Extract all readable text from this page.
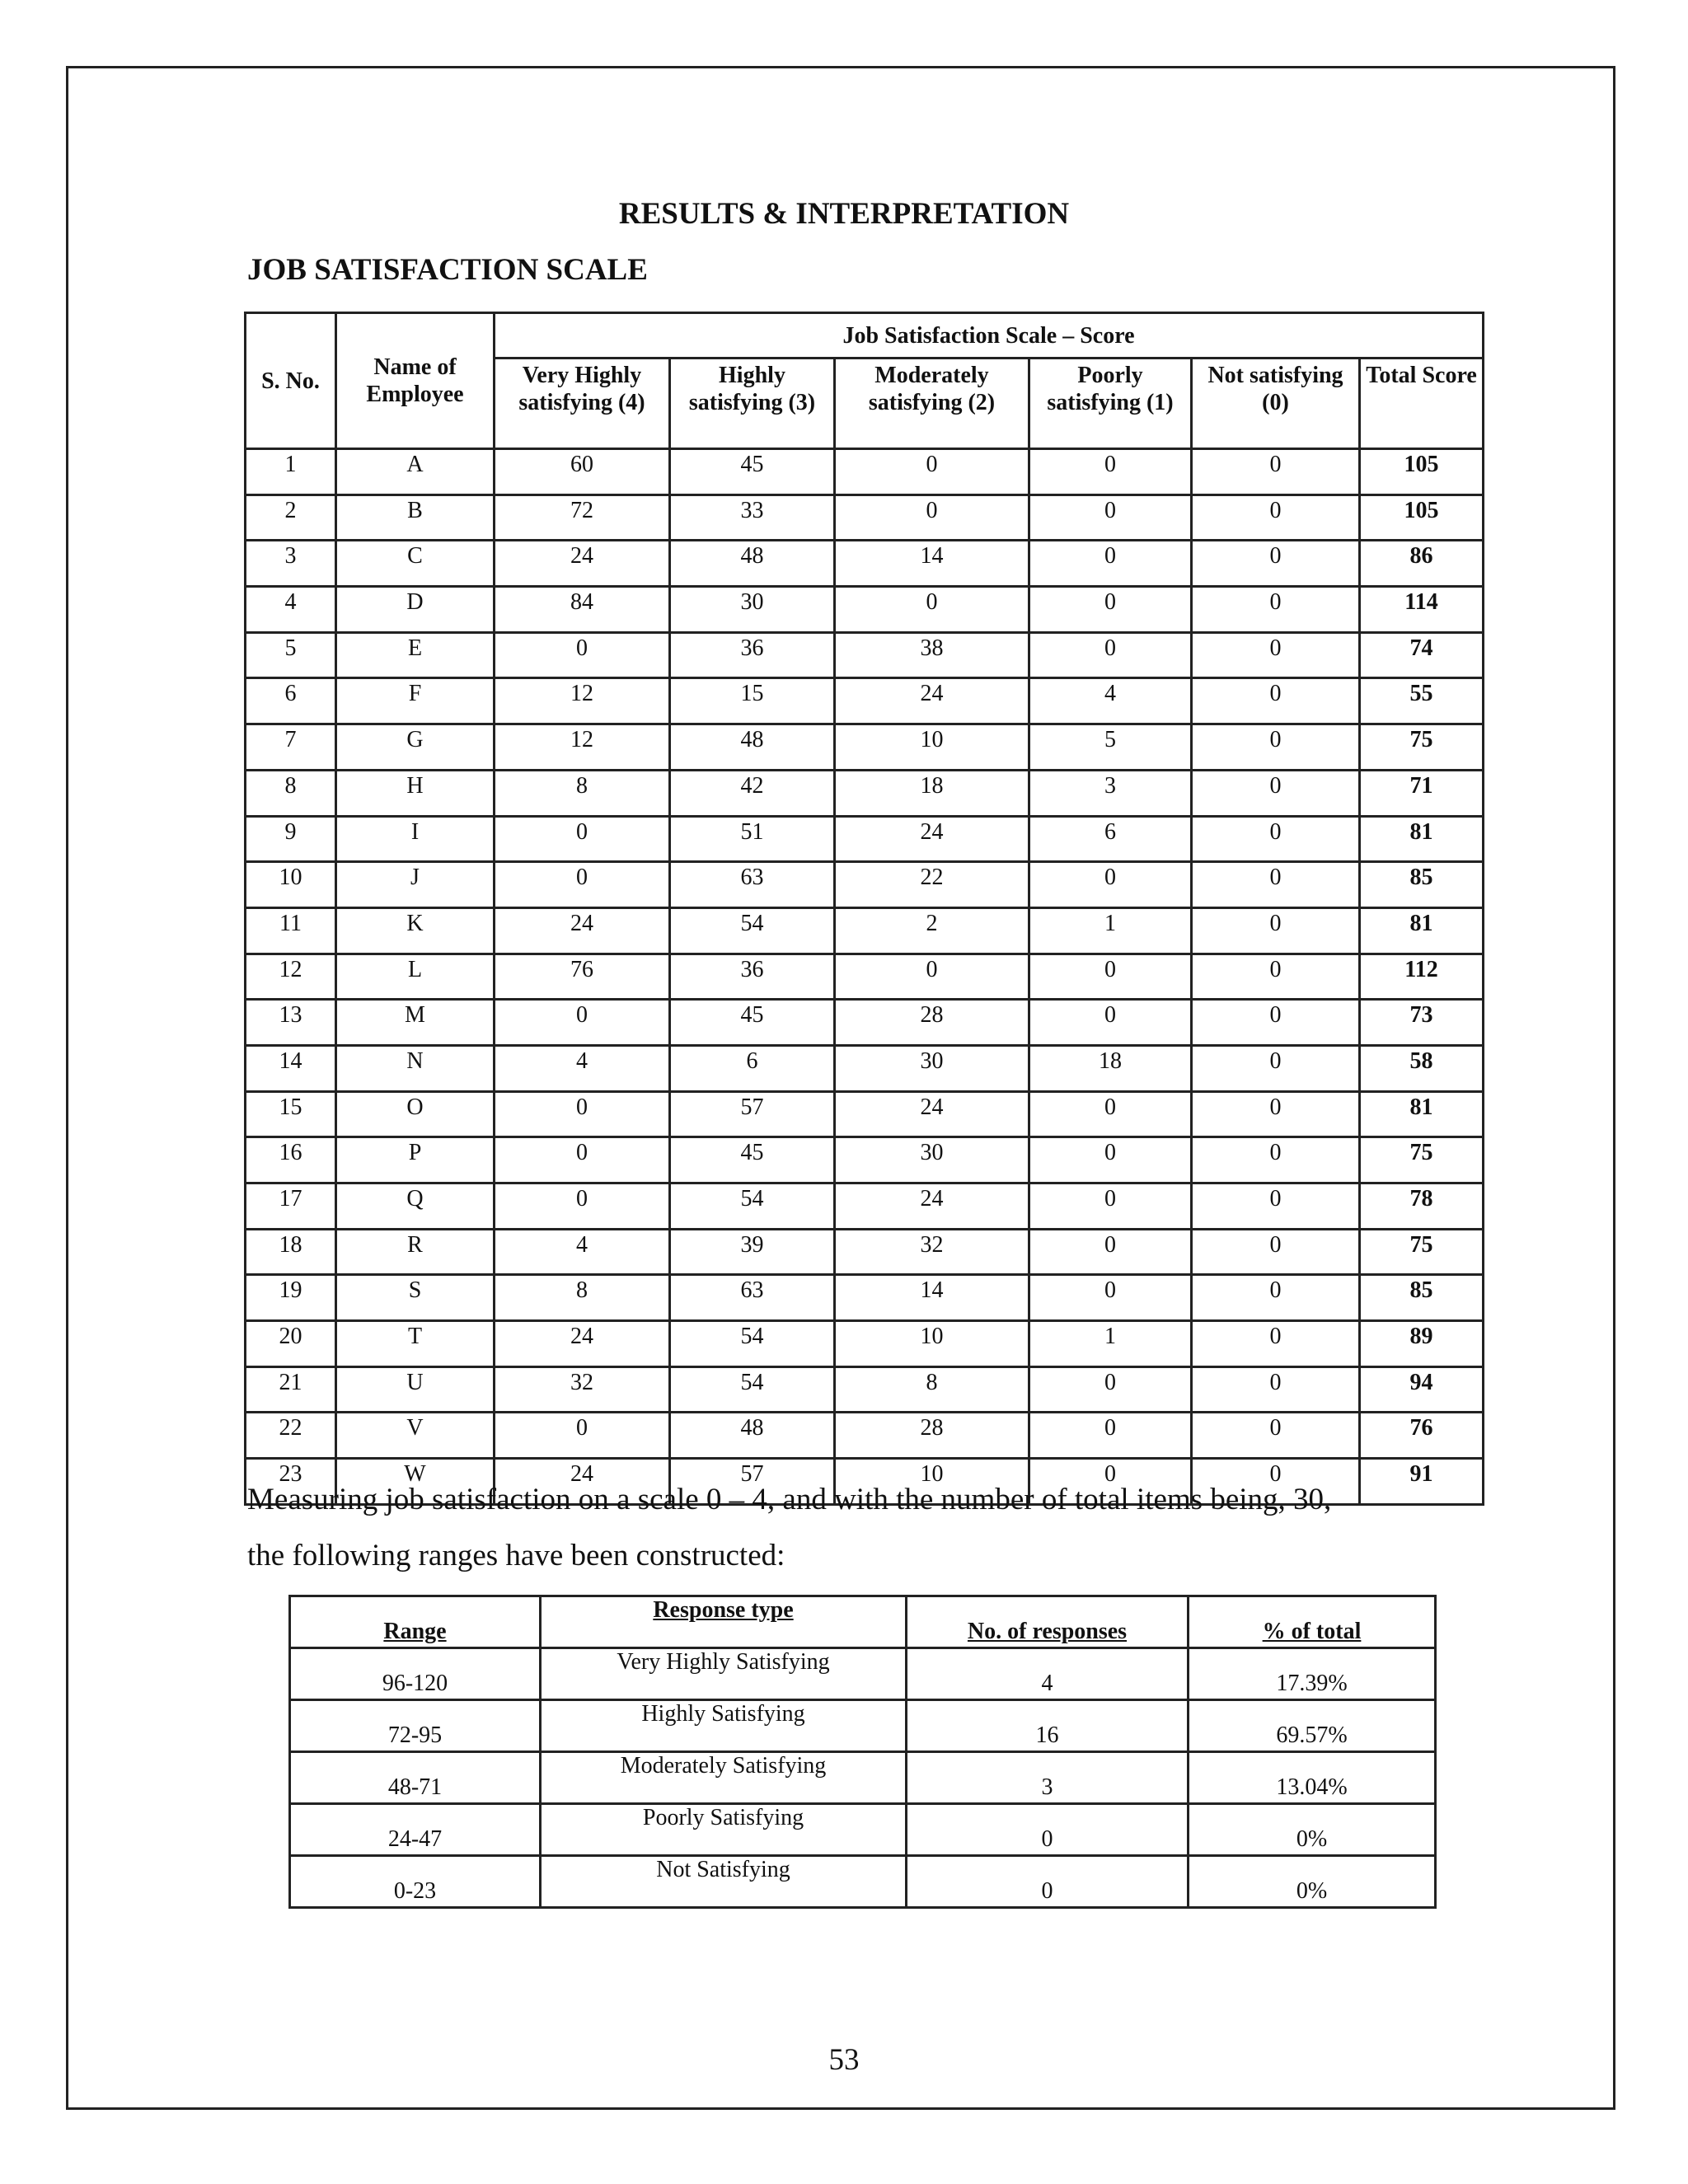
RESULTS & INTERPRETATION
JOB SATISFACTION SCALE
S. No.	Name of Employee	Job Satisfaction Scale – Score					
		Very Highly satisfying (4)	Highly satisfying (3)	Moderately satisfying (2)	Poorly satisfying (1)	Not satisfying (0)	Total Score
1	A	60	45	0	0	0	105
2	B	72	33	0	0	0	105
3	C	24	48	14	0	0	86
4	D	84	30	0	0	0	114
5	E	0	36	38	0	0	74
6	F	12	15	24	4	0	55
7	G	12	48	10	5	0	75
8	H	8	42	18	3	0	71
9	I	0	51	24	6	0	81
10	J	0	63	22	0	0	85
11	K	24	54	2	1	0	81
12	L	76	36	0	0	0	112
13	M	0	45	28	0	0	73
14	N	4	6	30	18	0	58
15	O	0	57	24	0	0	81
16	P	0	45	30	0	0	75
17	Q	0	54	24	0	0	78
18	R	4	39	32	0	0	75
19	S	8	63	14	0	0	85
20	T	24	54	10	1	0	89
21	U	32	54	8	0	0	94
22	V	0	48	28	0	0	76
23	W	24	57	10	0	0	91
Measuring job satisfaction on a scale 0 – 4, and with the number of total items being, 30,
the following ranges have been constructed:
Range	Response type	No. of responses	% of total
96-120	Very Highly Satisfying	4	17.39%
72-95	Highly Satisfying	16	69.57%
48-71	Moderately Satisfying	3	13.04%
24-47	Poorly Satisfying	0	0%
0-23	Not Satisfying	0	0%
53
